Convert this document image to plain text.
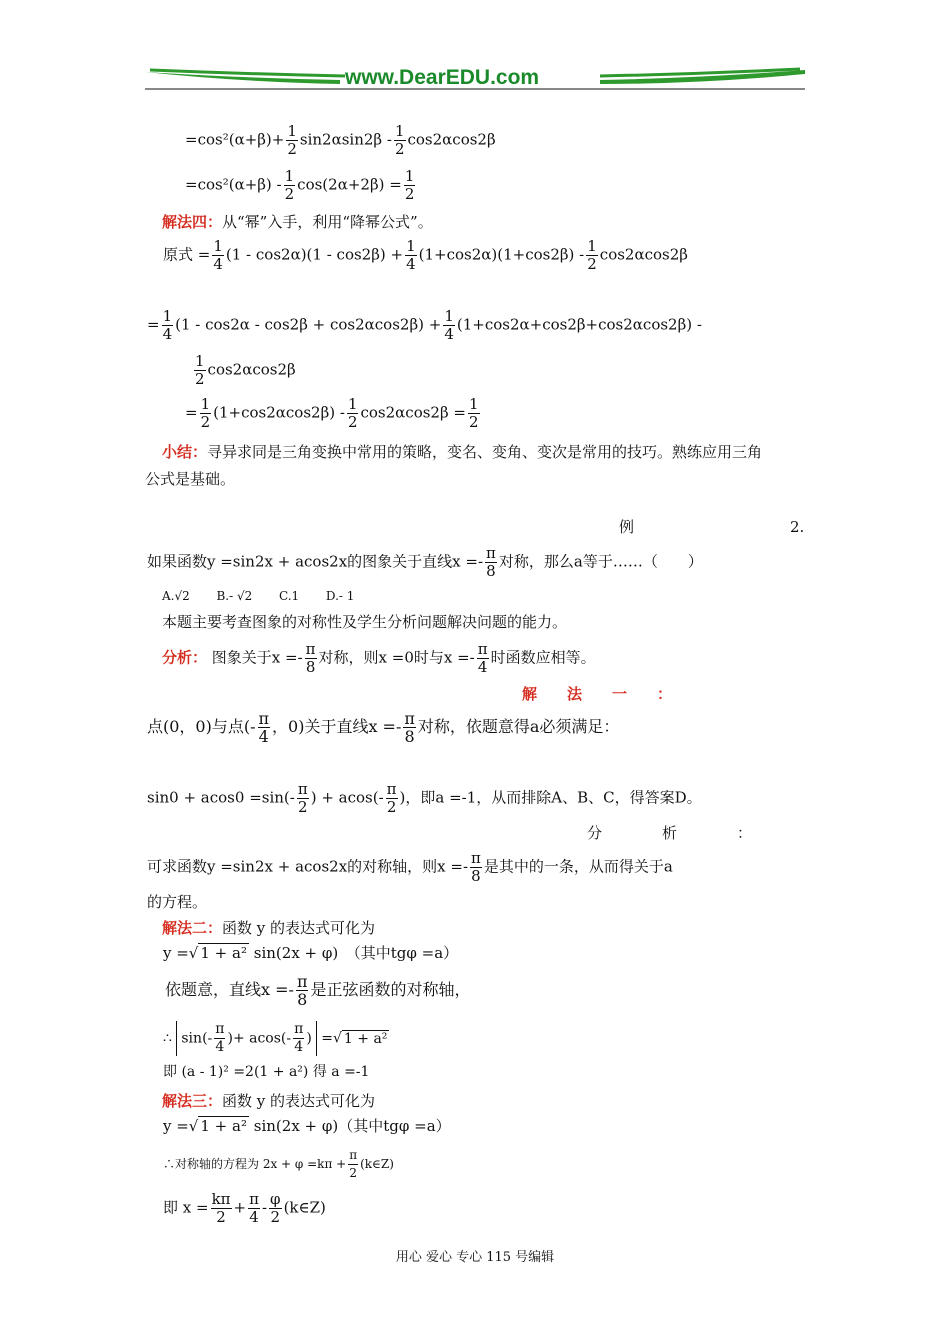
www.DearEDU.com
$=\cos^2(\alpha+\beta)+ \frac{1}{2} \sin 2\alpha\sin 2\beta - \frac{1}{2} \cos 2\alpha\cos 2\beta$
$=\cos^2(\alpha+\beta) - \frac{1}{2} \cos(2\alpha+2\beta) = \frac{1}{2}$
解法四：从“幂”入手，利用“降幂公式”。
原式 = $\frac{1}{4} (1 - \cos 2\alpha)(1 - \cos 2\beta) + \frac{1}{4} (1+\cos 2\alpha)(1+\cos 2\beta) - \frac{1}{2} \cos 2\alpha\cos 2\beta$
= $\frac{1}{4} (1 - \cos 2\alpha - \cos 2\beta + \cos 2\alpha\cos 2\beta) + \frac{1}{4} (1+\cos 2\alpha+\cos 2\beta+\cos 2\alpha\cos 2\beta)$ -
$\frac{1}{2} \cos 2\alpha\cos 2\beta$
= $\frac{1}{2} (1+\cos 2\alpha\cos 2\beta) - \frac{1}{2} \cos 2\alpha\cos 2\beta = \frac{1}{2}$
小结：寻异求同是三角变换中常用的策略，变名、变角、变次是常用的技巧。熟练应用三角
公式是基础。
例	2.
如果函数y =sin2x + acos2x的图象关于直线$x =- \frac{\pi}{8}$ 对称，那么a等于……（　　）
A.√2 B.- √2 C.1 D.- 1
本题主要考查图象的对称性及学生分析问题解决问题的能力。
分析： 图象关于$x =- \frac{\pi}{8}$ 对称，则x =0时与$x =- \frac{\pi}{4}$ 时函数应相等。
解　　法　　一　　：
点(0，0)与点(- $\frac{\pi}{4}$ ，0)关于直线$x =- \frac{\pi}{8}$ 对称，依题意得a必须满足：
$\sin 0 + acos0 =\sin(- \frac{\pi}{2}$ ) + $acos(- \frac{\pi}{2}$ )，即a =-1，从而排除A、B、C，得答案D。
分　　　　析　　　　：
可求函数y =sin2x + acos2x的对称轴，则$x =- \frac{\pi}{8}$ 是其中的一条，从而得关于a
的方程。
解法二：函数 y 的表达式可化为
y =√ 1 + a² sin(2x + φ)　（其中tgφ =a）
依题意，直线$x =- \frac{\pi}{8}$ 是正弦函数的对称轴，
∴ $\sin(- \frac{\pi}{4}$ )+ $acos(- \frac{\pi}{4}$ ) =√ 1 + a²
即 (a - 1)² =2(1 + a²) 得 a =-1
解法三：函数 y 的表达式可化为
y =√ 1 + a² sin(2x + φ)（其中tgφ =a）
∴对称轴的方程为 $2x + \varphi =k\pi + \frac{\pi}{2}$ (k∈Z)
即 $x = \frac{k\pi}{2} + \frac{\pi}{4} - \frac{\varphi}{2}$ (k∈Z)
用心 爱心 专心 115 号编辑
